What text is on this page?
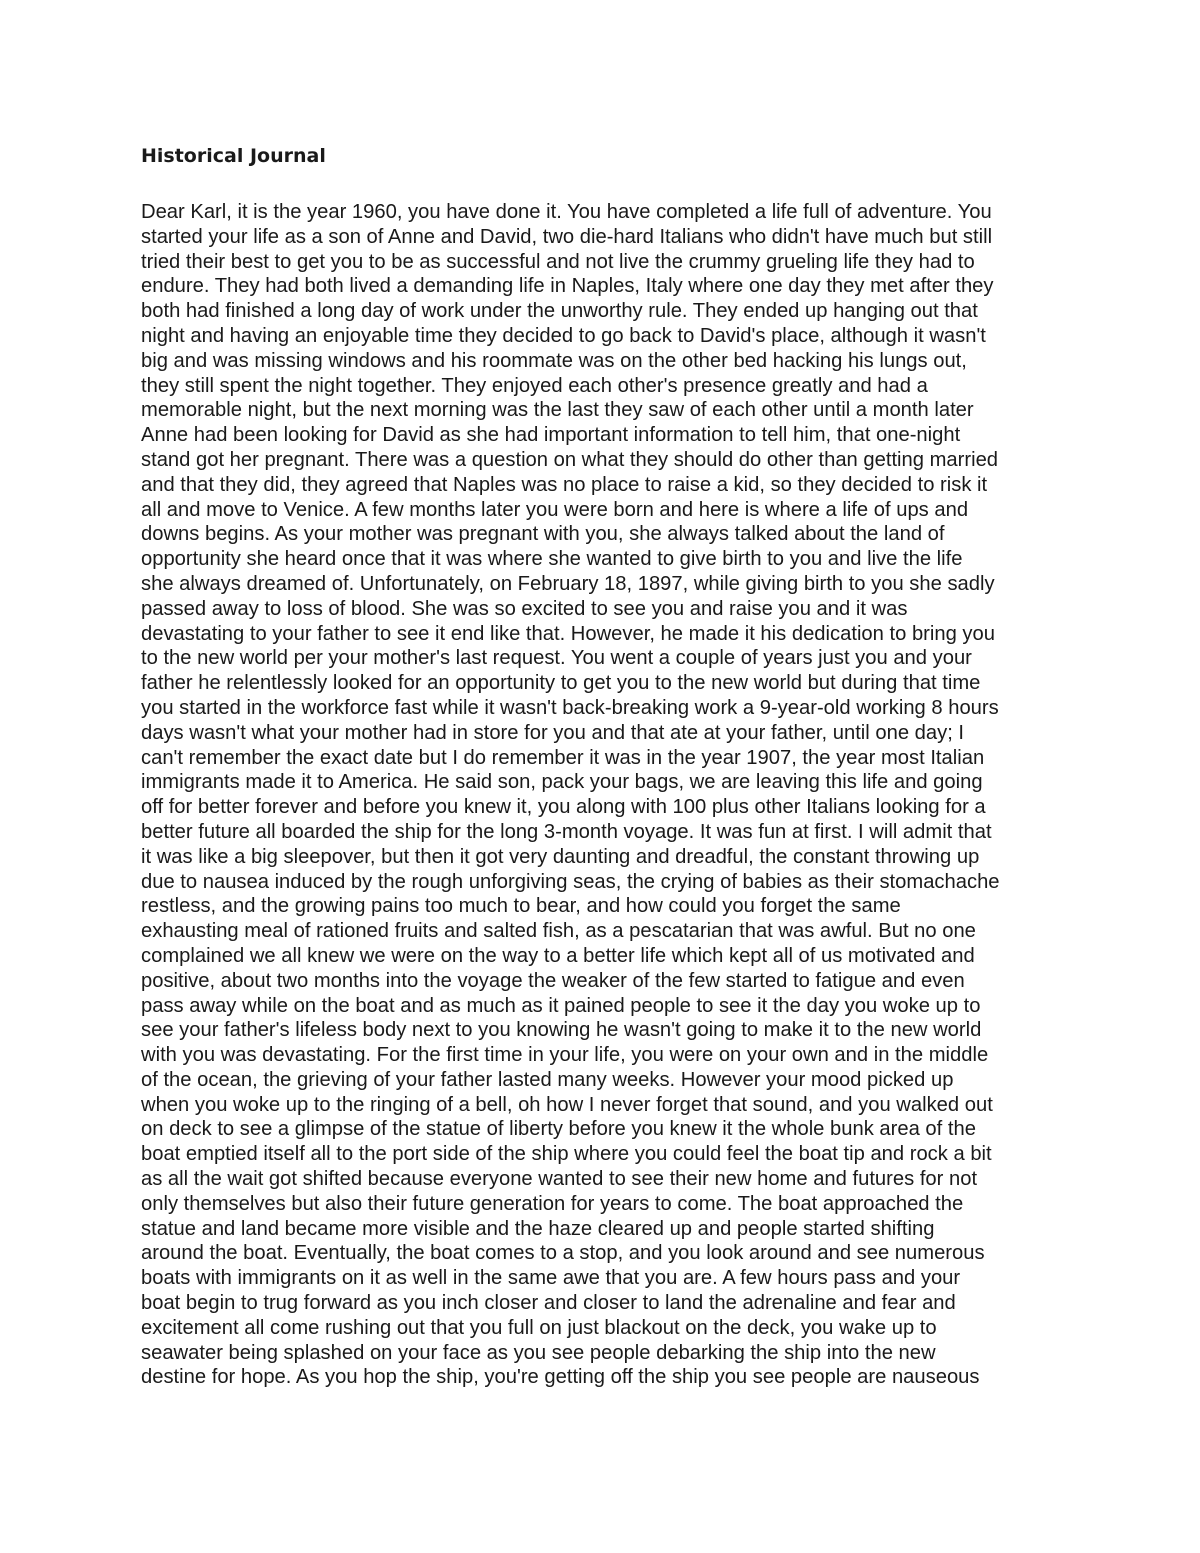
Historical Journal
Dear Karl, it is the year 1960, you have done it. You have completed a life full of adventure. You
started your life as a son of Anne and David, two die-hard Italians who didn't have much but still
tried their best to get you to be as successful and not live the crummy grueling life they had to
endure. They had both lived a demanding life in Naples, Italy where one day they met after they
both had finished a long day of work under the unworthy rule. They ended up hanging out that
night and having an enjoyable time they decided to go back to David's place, although it wasn't
big and was missing windows and his roommate was on the other bed hacking his lungs out,
they still spent the night together. They enjoyed each other's presence greatly and had a
memorable night, but the next morning was the last they saw of each other until a month later
Anne had been looking for David as she had important information to tell him, that one-night
stand got her pregnant. There was a question on what they should do other than getting married
and that they did, they agreed that Naples was no place to raise a kid, so they decided to risk it
all and move to Venice. A few months later you were born and here is where a life of ups and
downs begins. As your mother was pregnant with you, she always talked about the land of
opportunity she heard once that it was where she wanted to give birth to you and live the life
she always dreamed of. Unfortunately, on February 18, 1897, while giving birth to you she sadly
passed away to loss of blood. She was so excited to see you and raise you and it was
devastating to your father to see it end like that. However, he made it his dedication to bring you
to the new world per your mother's last request. You went a couple of years just you and your
father he relentlessly looked for an opportunity to get you to the new world but during that time
you started in the workforce fast while it wasn't back-breaking work a 9-year-old working 8 hours
days wasn't what your mother had in store for you and that ate at your father, until one day; I
can't remember the exact date but I do remember it was in the year 1907, the year most Italian
immigrants made it to America. He said son, pack your bags, we are leaving this life and going
off for better forever and before you knew it, you along with 100 plus other Italians looking for a
better future all boarded the ship for the long 3-month voyage. It was fun at first. I will admit that
it was like a big sleepover, but then it got very daunting and dreadful, the constant throwing up
due to nausea induced by the rough unforgiving seas, the crying of babies as their stomachache
restless, and the growing pains too much to bear, and how could you forget the same
exhausting meal of rationed fruits and salted fish, as a pescatarian that was awful. But no one
complained we all knew we were on the way to a better life which kept all of us motivated and
positive, about two months into the voyage the weaker of the few started to fatigue and even
pass away while on the boat and as much as it pained people to see it the day you woke up to
see your father's lifeless body next to you knowing he wasn't going to make it to the new world
with you was devastating. For the first time in your life, you were on your own and in the middle
of the ocean, the grieving of your father lasted many weeks. However your mood picked up
when you woke up to the ringing of a bell, oh how I never forget that sound, and you walked out
on deck to see a glimpse of the statue of liberty before you knew it the whole bunk area of the
boat emptied itself all to the port side of the ship where you could feel the boat tip and rock a bit
as all the wait got shifted because everyone wanted to see their new home and futures for not
only themselves but also their future generation for years to come. The boat approached the
statue and land became more visible and the haze cleared up and people started shifting
around the boat. Eventually, the boat comes to a stop, and you look around and see numerous
boats with immigrants on it as well in the same awe that you are. A few hours pass and your
boat begin to trug forward as you inch closer and closer to land the adrenaline and fear and
excitement all come rushing out that you full on just blackout on the deck, you wake up to
seawater being splashed on your face as you see people debarking the ship into the new
destine for hope. As you hop the ship, you're getting off the ship you see people are nauseous
